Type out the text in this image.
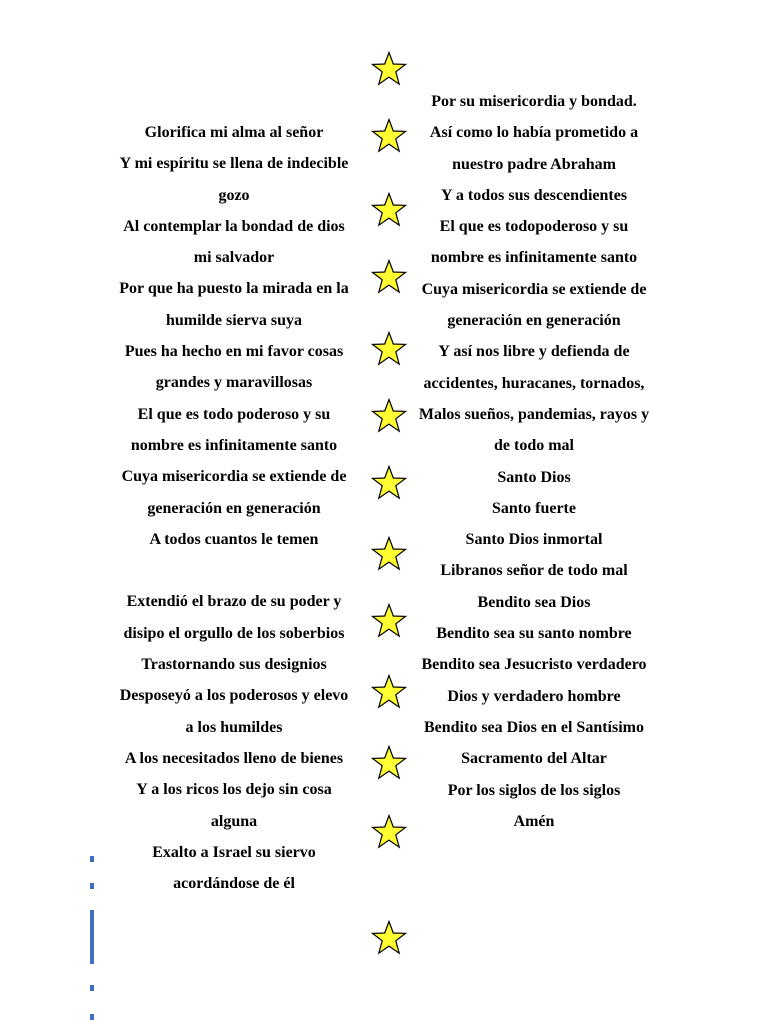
Glorifica mi alma al señor
Y mi espíritu se llena de indecible
gozo
Al contemplar la bondad de dios
mi salvador
Por que ha puesto la mirada en la
humilde sierva suya
Pues ha hecho en mi favor cosas
grandes y maravillosas
El que es todo poderoso y su
nombre es infinitamente santo
Cuya misericordia se extiende de
generación en generación
A todos cuantos le temen
Extendió el brazo de su poder y
disipo el orgullo de los soberbios
Trastornando sus designios
Desposeyó a los poderosos y elevo
a los humildes
A los necesitados lleno de bienes
Y a los ricos los dejo sin cosa
alguna
Exalto a Israel su siervo
acordándose de él
Por su misericordia y bondad.
Así como lo había prometido a
nuestro padre Abraham
Y a todos sus descendientes
El que es todopoderoso y su
nombre es infinitamente santo
Cuya misericordia se extiende de
generación en generación
Y así nos libre y defienda de
accidentes, huracanes, tornados,
Malos sueños, pandemias, rayos y
de todo mal
Santo Dios
Santo fuerte
Santo Dios inmortal
Libranos señor de todo mal
Bendito sea Dios
Bendito sea su santo nombre
Bendito sea Jesucristo verdadero
Dios y verdadero hombre
Bendito sea Dios en el Santísimo
Sacramento del Altar
Por los siglos de los siglos
Amén
